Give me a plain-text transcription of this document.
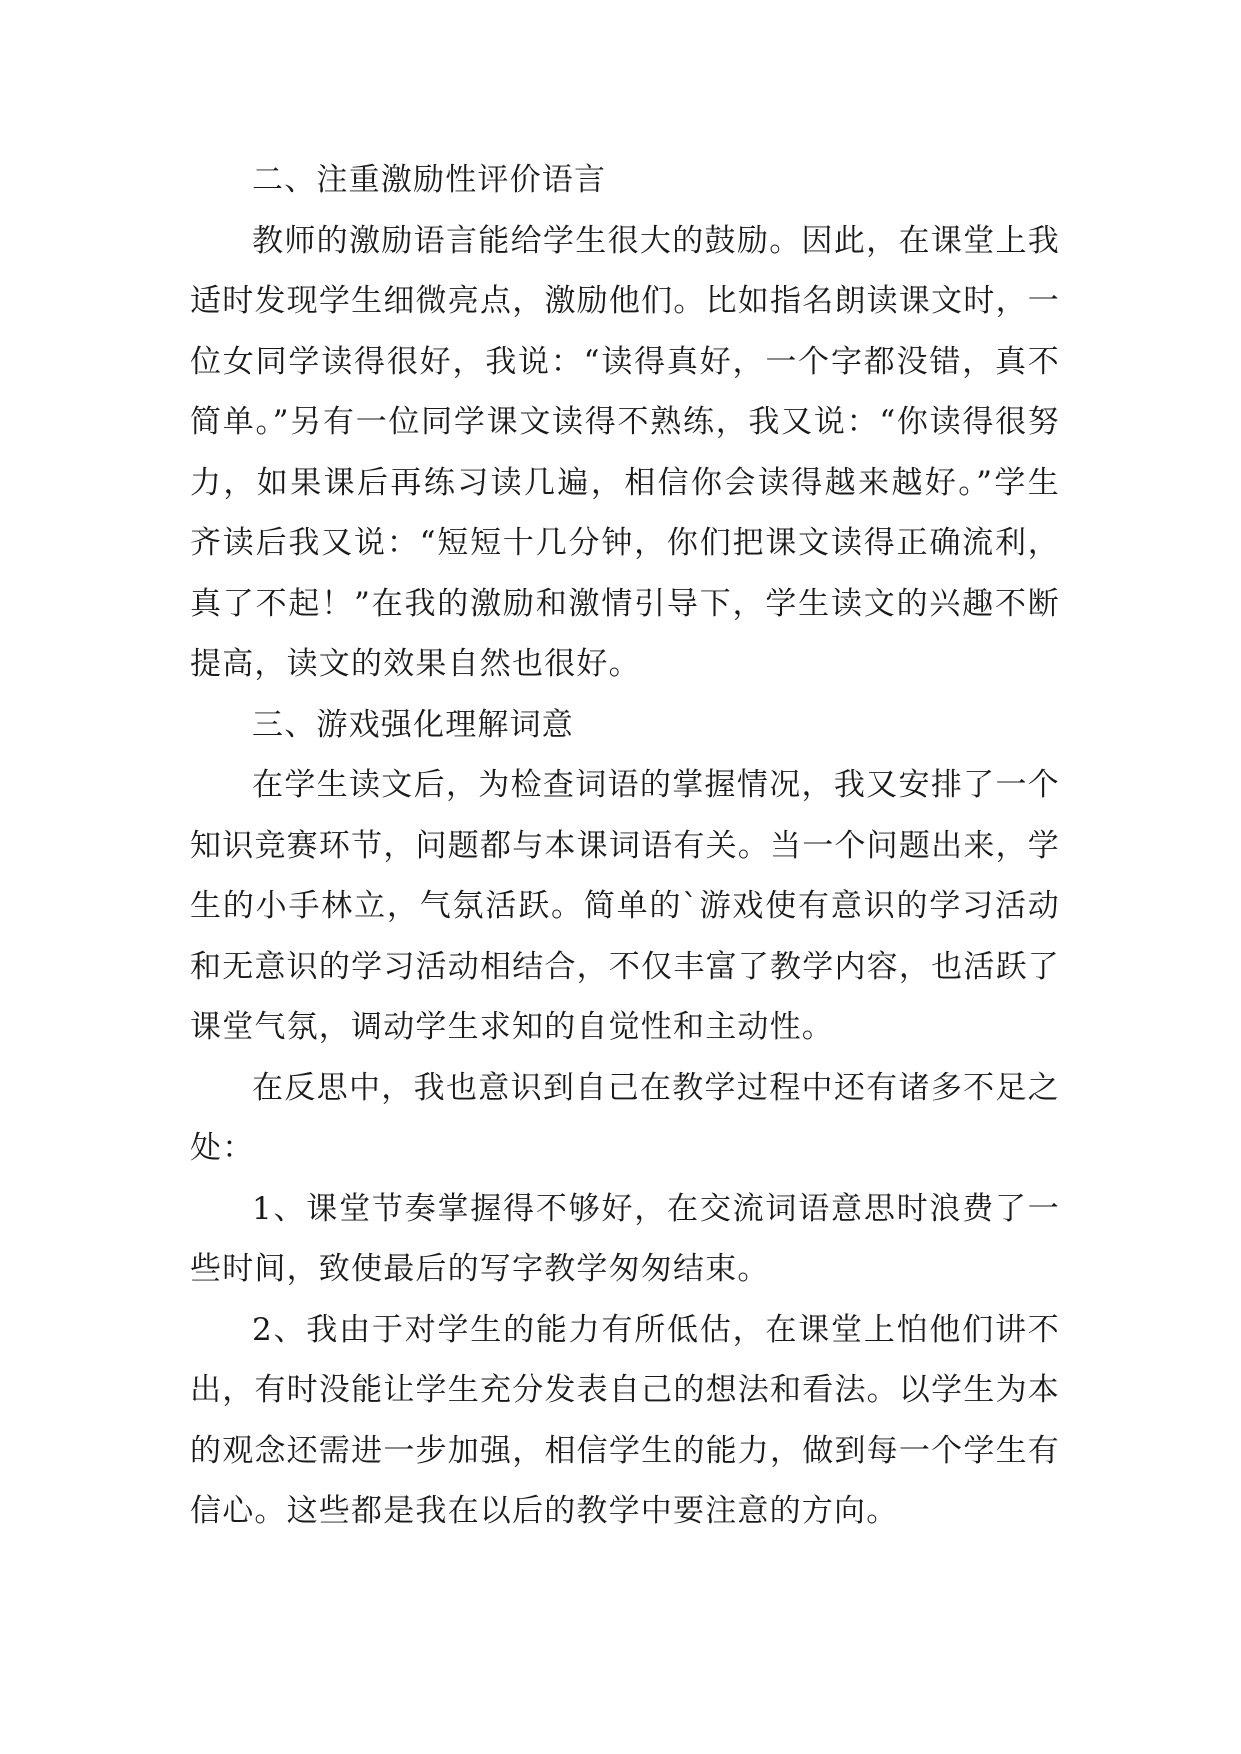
二、注重激励性评价语言

教师的激励语言能给学生很大的鼓励。因此，在课堂上我适时发现学生细微亮点，激励他们。比如指名朗读课文时，一位女同学读得很好，我说：“读得真好，一个字都没错，真不简单。”另有一位同学课文读得不熟练，我又说：“你读得很努力，如果课后再练习读几遍，相信你会读得越来越好。”学生齐读后我又说：“短短十几分钟，你们把课文读得正确流利，真了不起！”在我的激励和激情引导下，学生读文的兴趣不断提高，读文的效果自然也很好。

三、游戏强化理解词意

在学生读文后，为检查词语的掌握情况，我又安排了一个知识竞赛环节，问题都与本课词语有关。当一个问题出来，学生的小手林立，气氛活跃。简单的`游戏使有意识的学习活动和无意识的学习活动相结合，不仅丰富了教学内容，也活跃了课堂气氛，调动学生求知的自觉性和主动性。

在反思中，我也意识到自己在教学过程中还有诸多不足之处：

1、课堂节奏掌握得不够好，在交流词语意思时浪费了一些时间，致使最后的写字教学匆匆结束。

2、我由于对学生的能力有所低估，在课堂上怕他们讲不出，有时没能让学生充分发表自己的想法和看法。以学生为本的观念还需进一步加强，相信学生的能力，做到每一个学生有信心。这些都是我在以后的教学中要注意的方向。
